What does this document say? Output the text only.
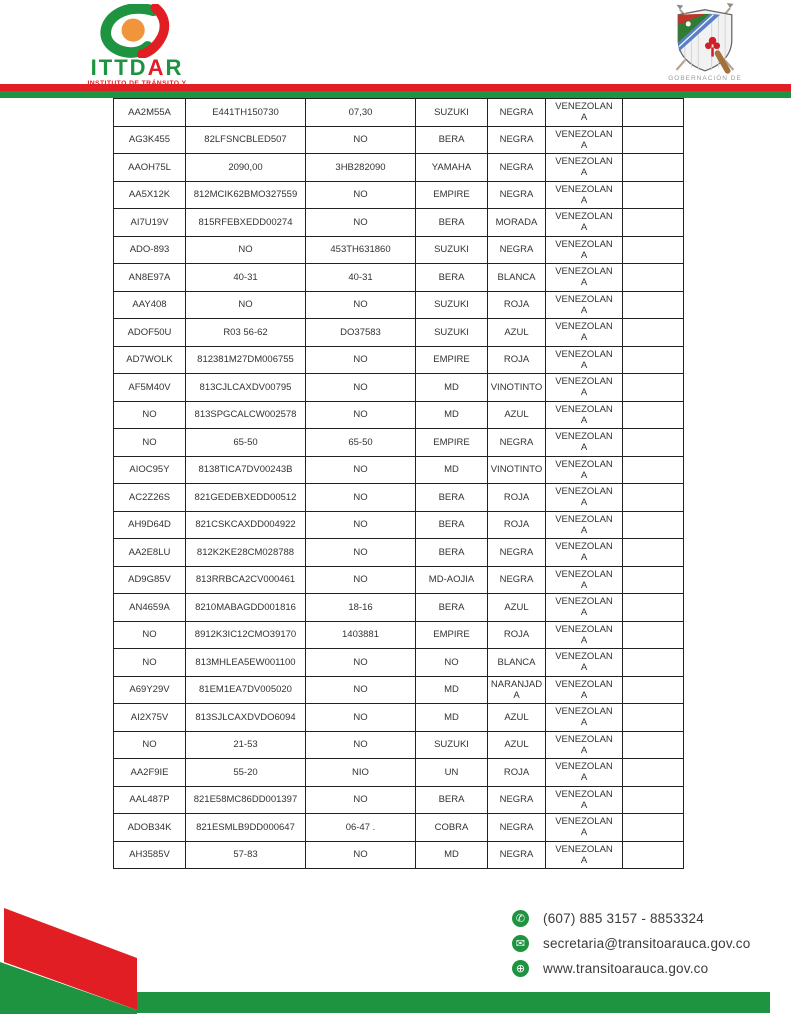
ITTDAR	GOBERNACIÓN DE
AA2M55A	E441TH150730	07,30	SUZUKI	NEGRA	VENEZOLANA	
AG3K455	82LFSNCBLED507	NO	BERA	NEGRA	VENEZOLANA	
AAOH75L	2090,00	3HB282090	YAMAHA	NEGRA	VENEZOLANA	
AA5X12K	812MCIK62BMO327559	NO	EMPIRE	NEGRA	VENEZOLANA	
AI7U19V	815RFEBXEDD00274	NO	BERA	MORADA	VENEZOLANA	
ADO-893	NO	453TH631860	SUZUKI	NEGRA	VENEZOLANA	
AN8E97A	40-31	40-31	BERA	BLANCA	VENEZOLANA	
AAY408	NO	NO	SUZUKI	ROJA	VENEZOLANA	
ADOF50U	R03 56-62	DO37583	SUZUKI	AZUL	VENEZOLANA	
AD7WOLK	812381M27DM006755	NO	EMPIRE	ROJA	VENEZOLANA	
AF5M40V	813CJLCAXDV00795	NO	MD	VINOTINTO	VENEZOLANA	
NO	813SPGCALCW002578	NO	MD	AZUL	VENEZOLANA	
NO	65-50	65-50	EMPIRE	NEGRA	VENEZOLANA	
AIOC95Y	8138TICA7DV00243B	NO	MD	VINOTINTO	VENEZOLANA	
AC2Z26S	821GEDEBXEDD00512	NO	BERA	ROJA	VENEZOLANA	
AH9D64D	821CSKCAXDD004922	NO	BERA	ROJA	VENEZOLANA	
AA2E8LU	812K2KE28CM028788	NO	BERA	NEGRA	VENEZOLANA	
AD9G85V	813RRBCA2CV000461	NO	MD-AOJIA	NEGRA	VENEZOLANA	
AN4659A	8210MABAGDD001816	18-16	BERA	AZUL	VENEZOLANA	
NO	8912K3IC12CMO39170	1403881	EMPIRE	ROJA	VENEZOLANA	
NO	813MHLEA5EW001100	NO	NO	BLANCA	VENEZOLANA	
A69Y29V	81EM1EA7DV005020	NO	MD	NARANJADA	VENEZOLANA	
AI2X75V	813SJLCAXDVDO6094	NO	MD	AZUL	VENEZOLANA	
NO	21-53	NO	SUZUKI	AZUL	VENEZOLANA	
AA2F9IE	55-20	NIO	UN	ROJA	VENEZOLANA	
AAL487P	821E58MC86DD001397	NO	BERA	NEGRA	VENEZOLANA	
ADOB34K	821ESMLB9DD000647	06-47 .	COBRA	NEGRA	VENEZOLANA	
AH3585V	57-83	NO	MD	NEGRA	VENEZOLANA	
✆ (607) 885 3157 - 8853324
✉ secretaria@transitoarauca.gov.co
⊕ www.transitoarauca.gov.co
